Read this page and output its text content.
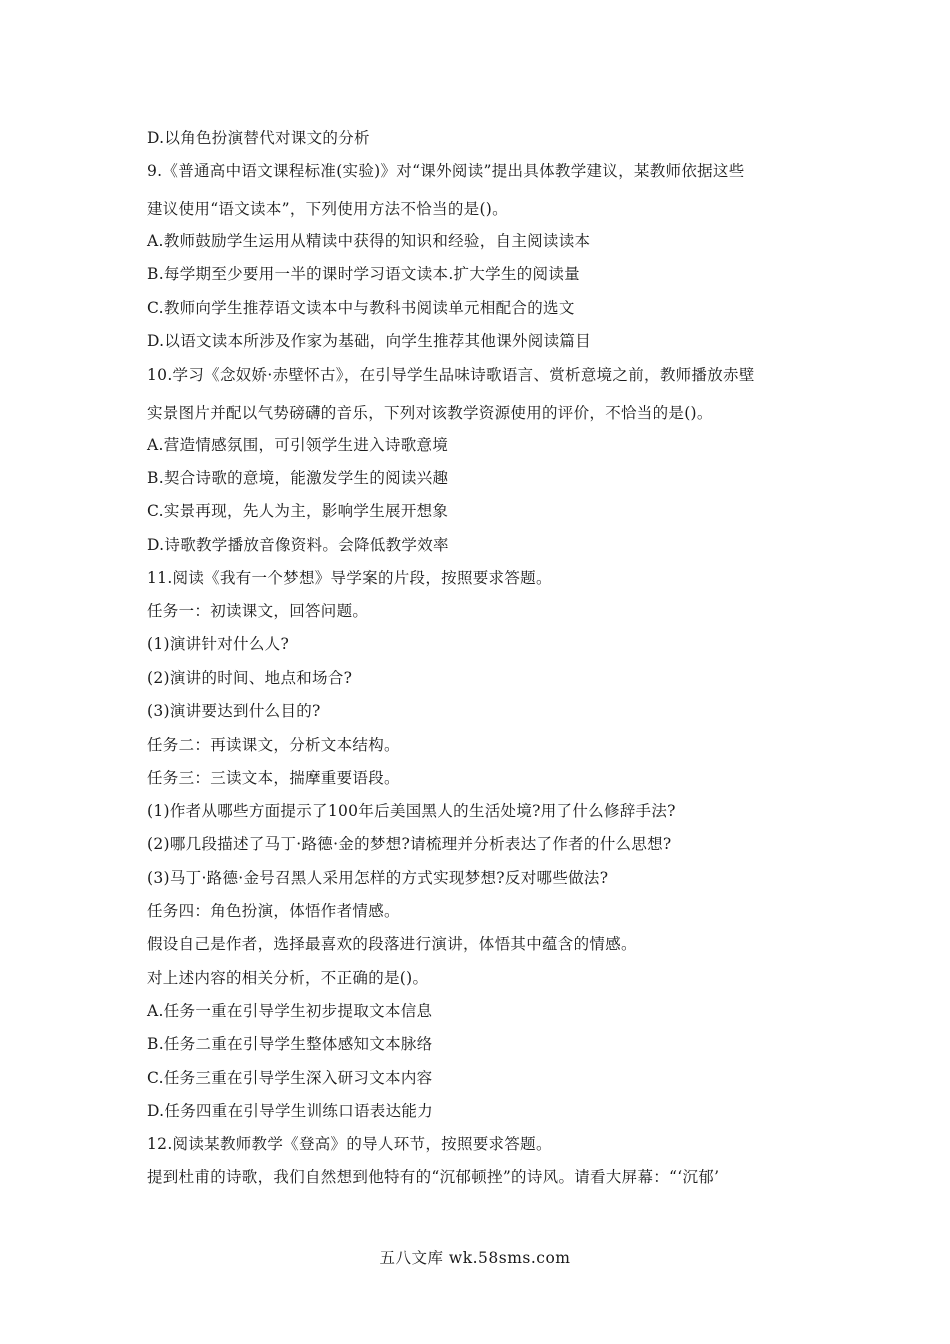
D.以角色扮演替代对课文的分析
9.《普通高中语文课程标准(实验)》对“课外阅读”提出具体教学建议，某教师依据这些
建议使用“语文读本”，下列使用方法不恰当的是()。
A.教师鼓励学生运用从精读中获得的知识和经验，自主阅读读本
B.每学期至少要用一半的课时学习语文读本.扩大学生的阅读量
C.教师向学生推荐语文读本中与教科书阅读单元相配合的选文
D.以语文读本所涉及作家为基础，向学生推荐其他课外阅读篇目
10.学习《念奴娇·赤壁怀古》，在引导学生品味诗歌语言、赏析意境之前，教师播放赤壁
实景图片并配以气势磅礴的音乐，下列对该教学资源使用的评价，不恰当的是()。
A.营造情感氛围，可引领学生进入诗歌意境
B.契合诗歌的意境，能激发学生的阅读兴趣
C.实景再现，先人为主，影响学生展开想象
D.诗歌教学播放音像资料。会降低教学效率
11.阅读《我有一个梦想》导学案的片段，按照要求答题。
任务一：初读课文，回答问题。
(1)演讲针对什么人?
(2)演讲的时间、地点和场合?
(3)演讲要达到什么目的?
任务二：再读课文，分析文本结构。
任务三：三读文本，揣摩重要语段。
(1)作者从哪些方面提示了100年后美国黑人的生活处境?用了什么修辞手法?
(2)哪几段描述了马丁·路德·金的梦想?请梳理并分析表达了作者的什么思想?
(3)马丁·路德·金号召黑人采用怎样的方式实现梦想?反对哪些做法?
任务四：角色扮演，体悟作者情感。
假设自己是作者，选择最喜欢的段落进行演讲，体悟其中蕴含的情感。
对上述内容的相关分析，不正确的是()。
A.任务一重在引导学生初步提取文本信息
B.任务二重在引导学生整体感知文本脉络
C.任务三重在引导学生深入研习文本内容
D.任务四重在引导学生训练口语表达能力
12.阅读某教师教学《登高》的导人环节，按照要求答题。
提到杜甫的诗歌，我们自然想到他特有的“沉郁顿挫”的诗风。请看大屏幕：“‘沉郁’
五八文库 wk.58sms.com
